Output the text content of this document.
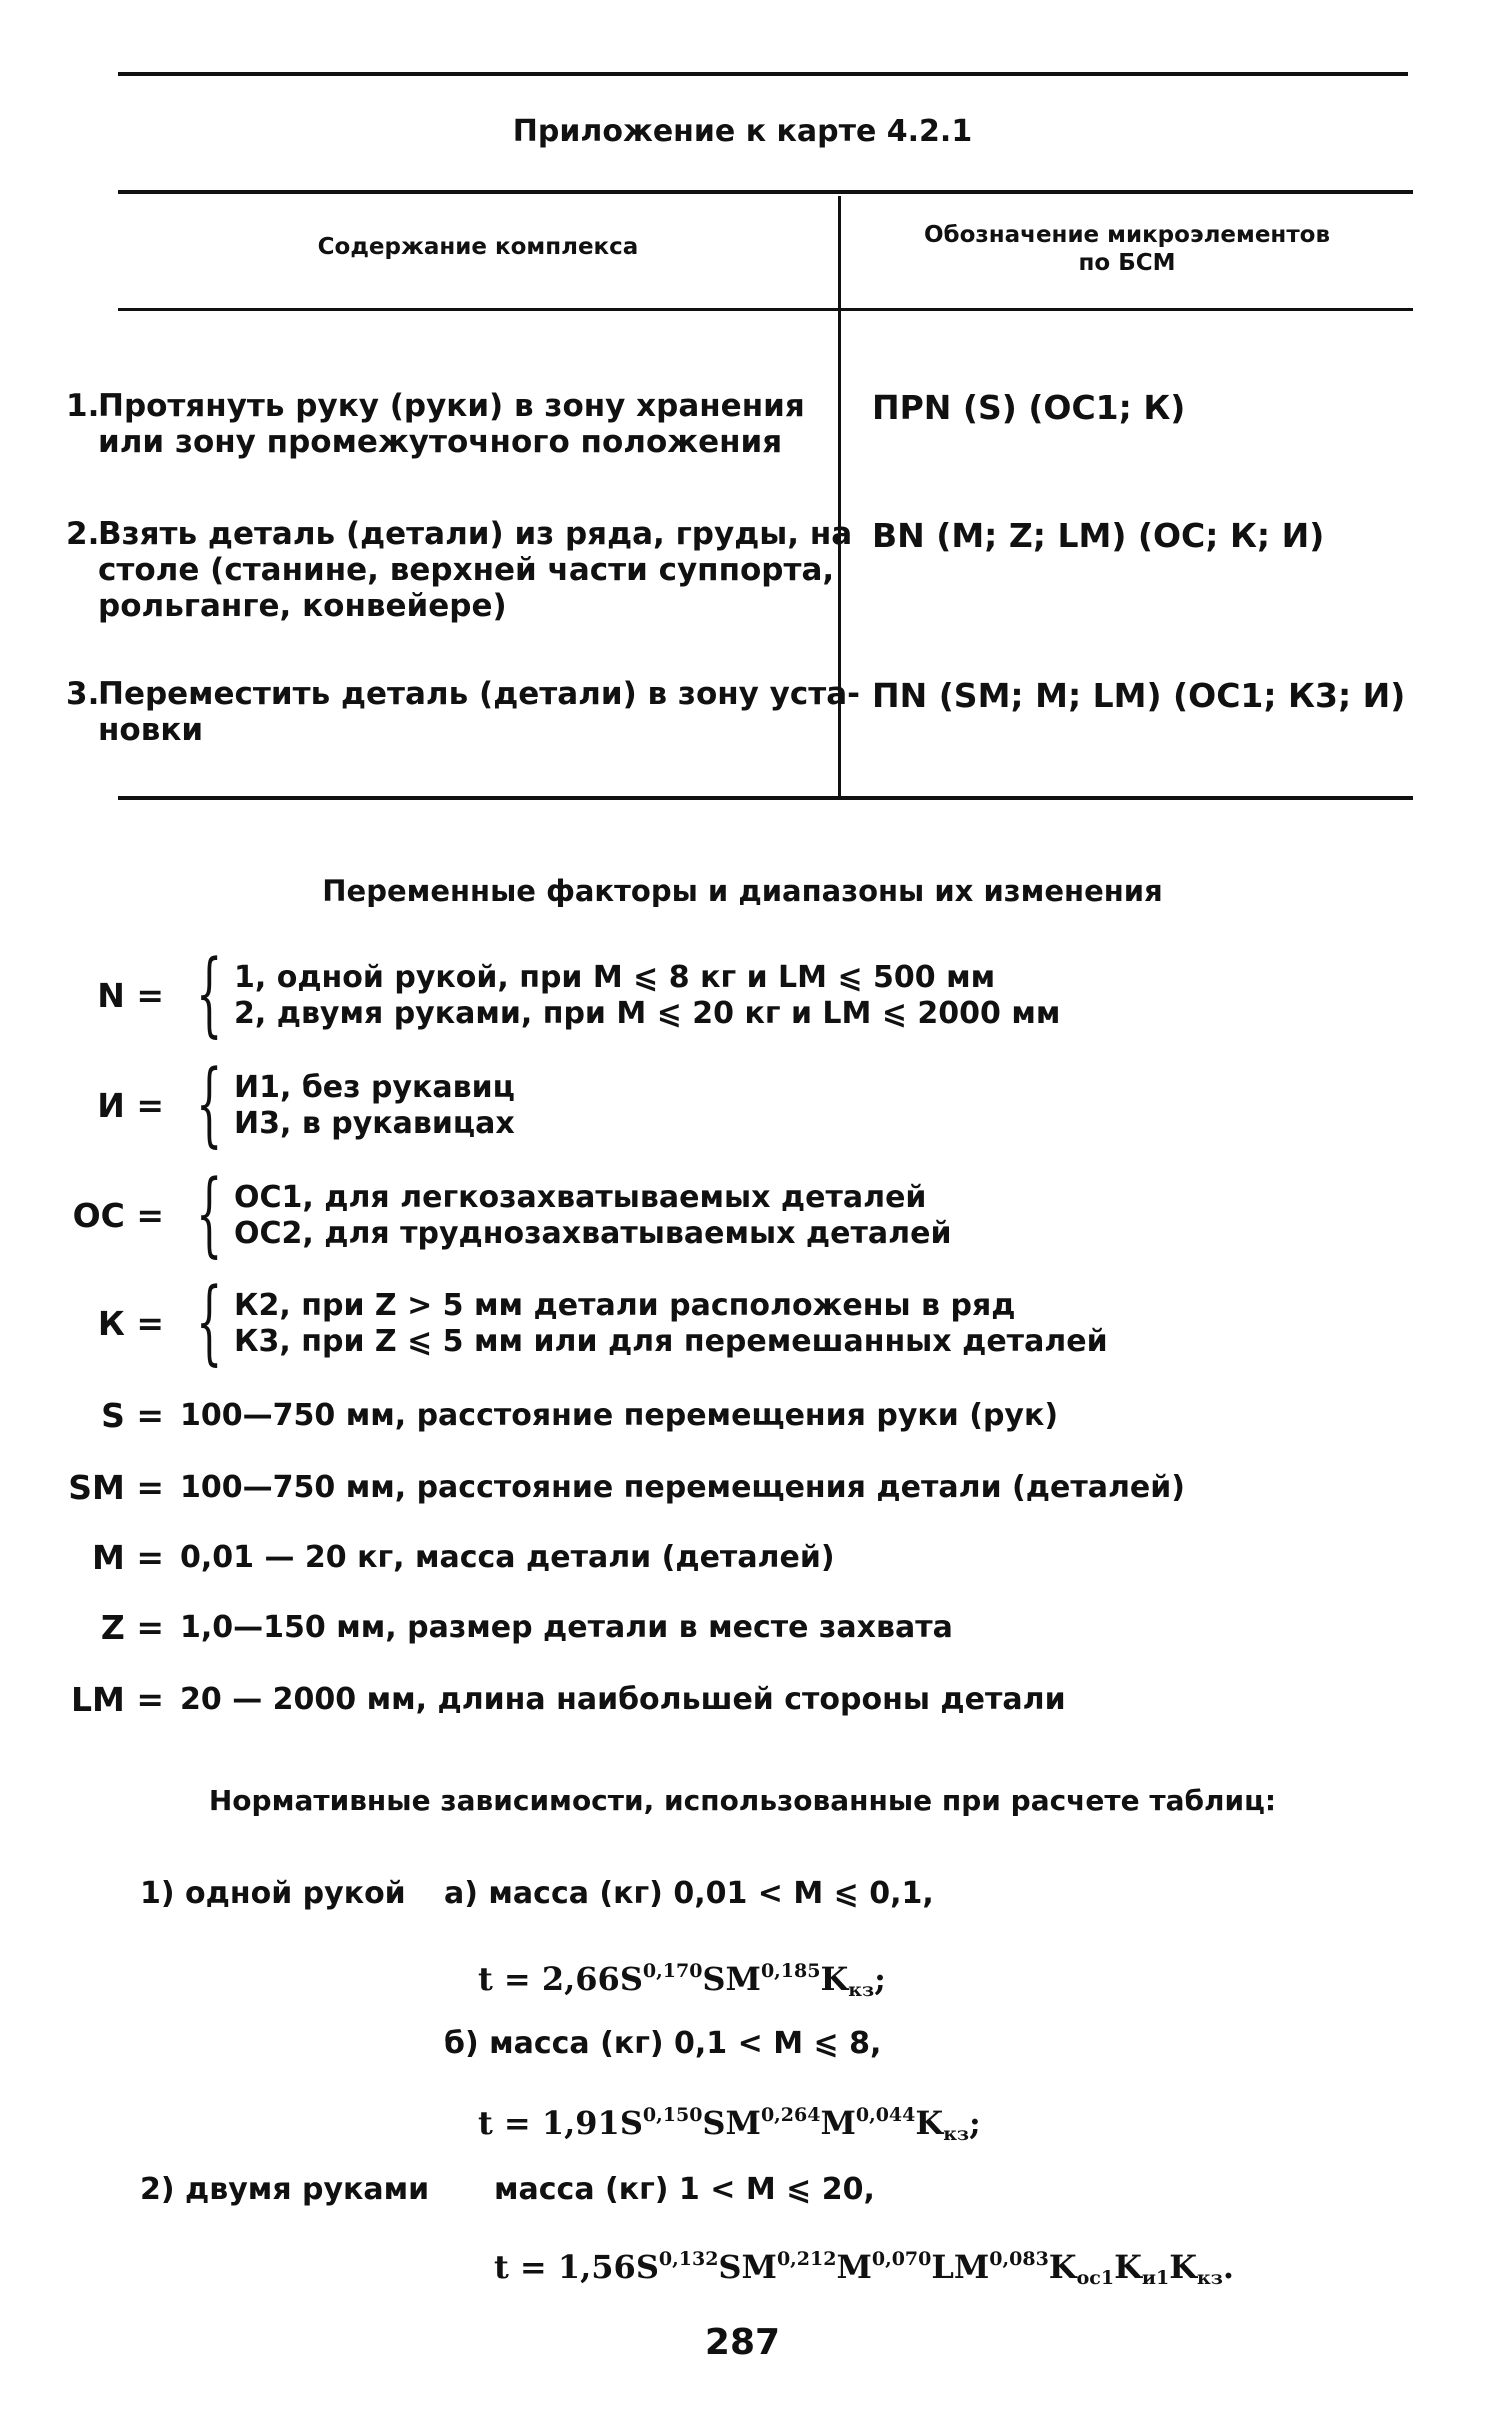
Приложение к карте 4.2.1
Содержание комплекса	Обозначение микроэлементов
по БСМ
1.
Протянуть руку (руки) в зону хранения
или зону промежуточного положения
ПРN (S) (ОС1; К)
2.
Взять деталь (детали) из ряда, груды, на
столе (станине, верхней части суппорта,
рольганге, конвейере)
BN (M; Z; LM) (ОС; К; И)
3.
Переместить деталь (детали) в зону уста-
новки
ПN (SM; M; LM) (ОС1; К3; И)
Переменные факторы и диапазоны их изменения
N = { 1, одной рукой, при M ⩽ 8 кг и LM ⩽ 500 мм
2, двумя руками, при M ⩽ 20 кг и LM ⩽ 2000 мм
И = { И1, без рукавиц
И3, в рукавицах
ОС = { ОС1, для легкозахватываемых деталей
ОС2, для труднозахватываемых деталей
К = { К2, при Z > 5 мм детали расположены в ряд
К3, при Z ⩽ 5 мм или для перемешанных деталей
S = 100—750 мм, расстояние перемещения руки (рук)
SM = 100—750 мм, расстояние перемещения детали (деталей)
M = 0,01 — 20 кг, масса детали (деталей)
Z = 1,0—150 мм, размер детали в месте захвата
LM = 20 — 2000 мм, длина наибольшей стороны детали
Нормативные зависимости, использованные при расчете таблиц:
1) одной рукой а) масса (кг) 0,01 < M ⩽ 0,1,
$t = 2,66S^{0,170}SM^{0,185}K_{кз}$;
б) масса (кг) 0,1 < M ⩽ 8,
$t = 1,91S^{0,150}SM^{0,264}M^{0,044}K_{кз}$;
2) двумя руками масса (кг) 1 < M ⩽ 20,
$t = 1,56S^{0,132}SM^{0,212}M^{0,070}LM^{0,083}K_{ос1}K_{и1}K_{кз}$.
287
